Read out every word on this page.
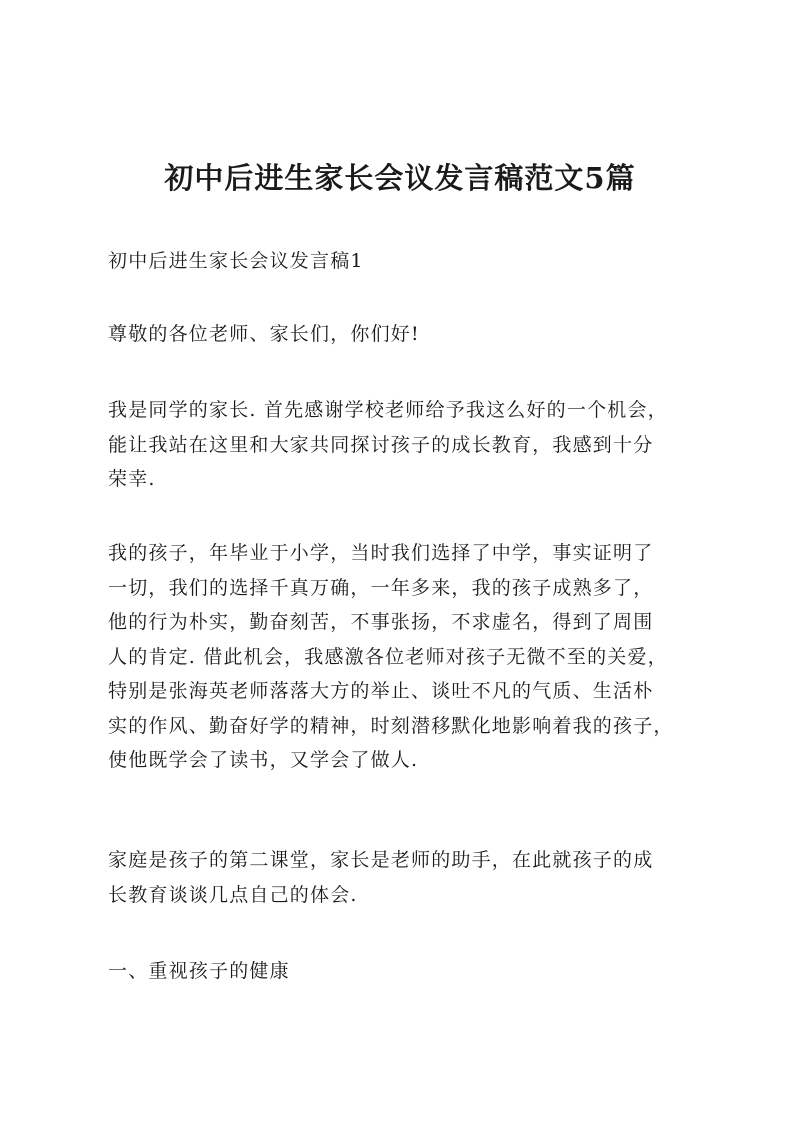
初中后进生家长会议发言稿范文5篇

初中后进生家长会议发言稿1

尊敬的各位老师、家长们，你们好!

我是同学的家长. 首先感谢学校老师给予我这么好的一个机会，
能让我站在这里和大家共同探讨孩子的成长教育，我感到十分
荣幸.

我的孩子，年毕业于小学，当时我们选择了中学，事实证明了
一切，我们的选择千真万确，一年多来，我的孩子成熟多了，
他的行为朴实，勤奋刻苦，不事张扬，不求虚名，得到了周围
人的肯定. 借此机会，我感激各位老师对孩子无微不至的关爱，
特别是张海英老师落落大方的举止、谈吐不凡的气质、生活朴
实的作风、勤奋好学的精神，时刻潜移默化地影响着我的孩子，
使他既学会了读书，又学会了做人.

家庭是孩子的第二课堂，家长是老师的助手，在此就孩子的成
长教育谈谈几点自己的体会.

一、重视孩子的健康
